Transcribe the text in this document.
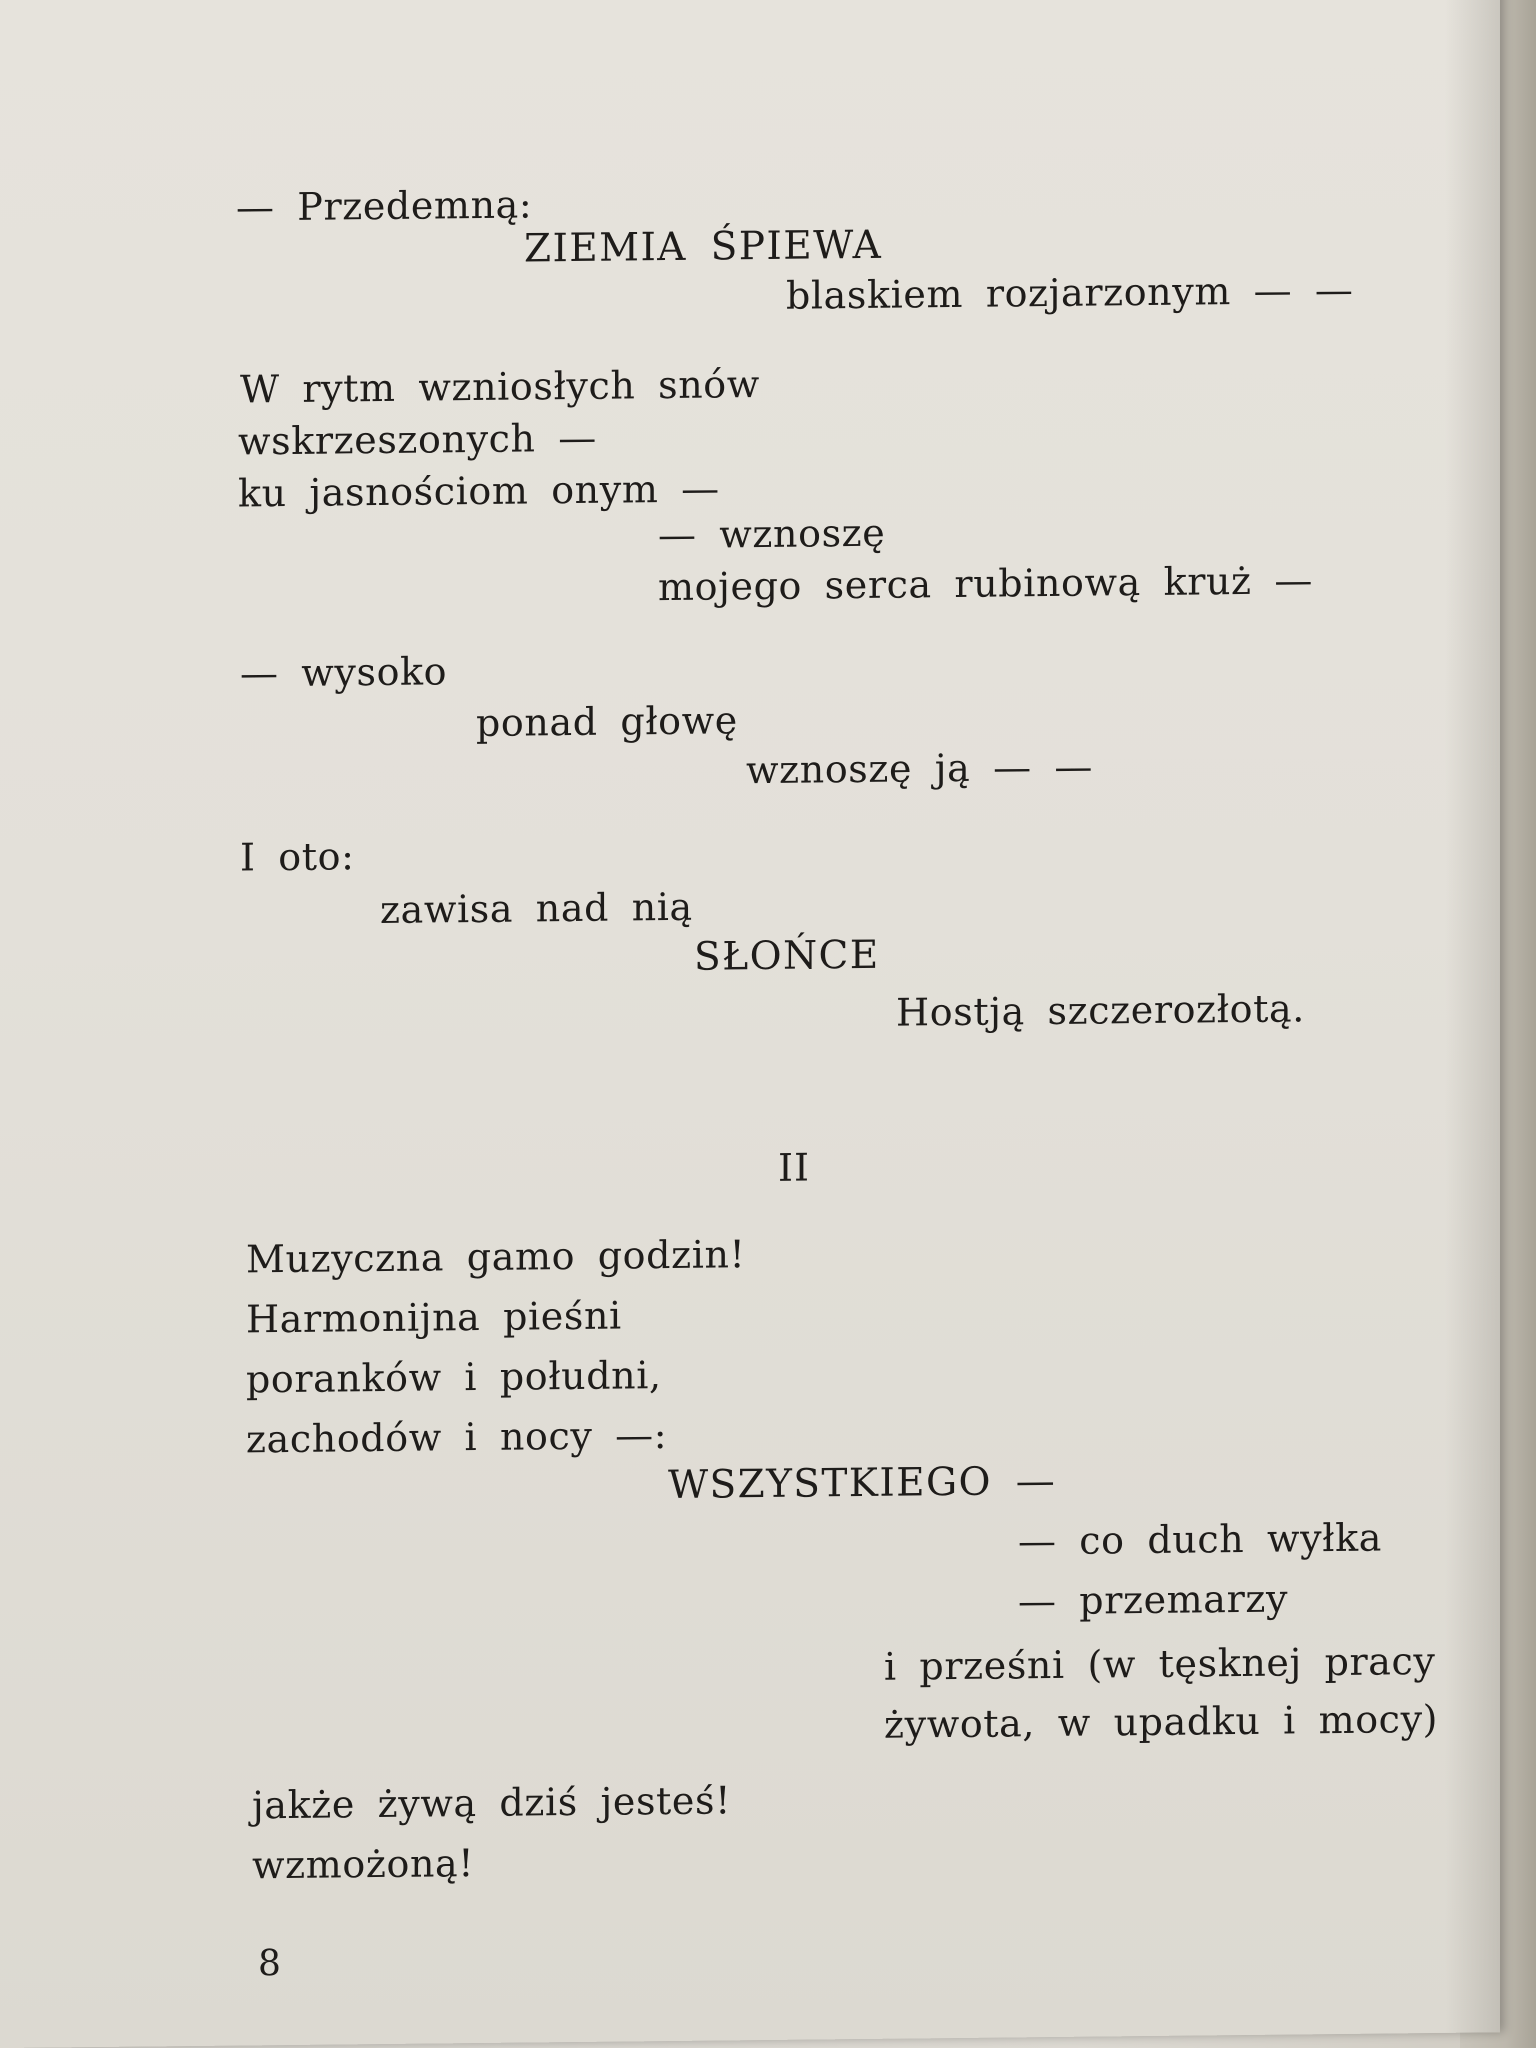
— Przedemną:
ZIEMIA ŚPIEWA
blaskiem rozjarzonym — —
W rytm wzniosłych snów
wskrzeszonych —
ku jasnościom onym —
— wznoszę
mojego serca rubinową kruż —
— wysoko
ponad głowę
wznoszę ją — —
I oto:
zawisa nad nią
SŁOŃCE
Hostją szczerozłotą.
II
Muzyczna gamo godzin!
Harmonijna pieśni
poranków i południ,
zachodów i nocy —:
WSZYSTKIEGO —
— co duch wyłka
— przemarzy
i prześni (w tęsknej pracy
żywota, w upadku i mocy)
jakże żywą dziś jesteś!
wzmożoną!
8
